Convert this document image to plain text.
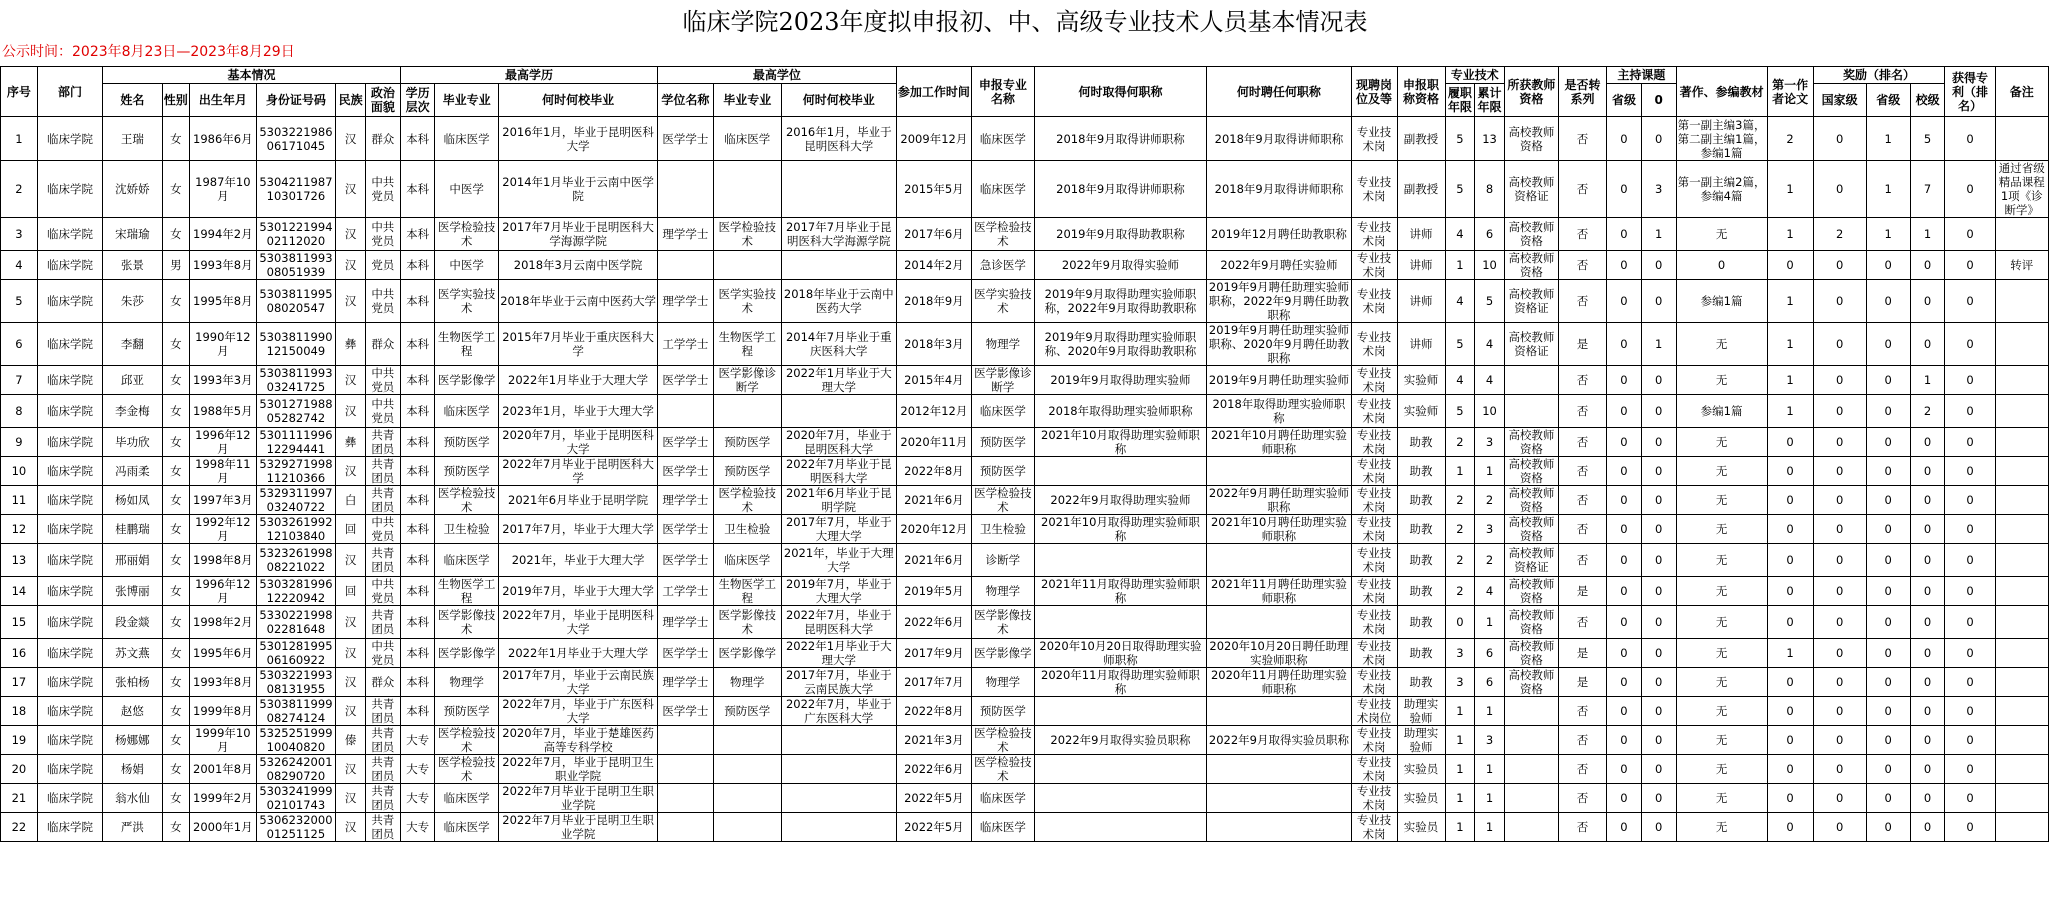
临床学院2023年度拟申报初、中、高级专业技术人员基本情况表
公示时间：2023年8月23日—2023年8月29日
序号	部门	基本情况						最高学历			最高学位			参加工作时间	申报专业名称	何时取得何职称	何时聘任何职称	现聘岗位及等	申报职称资格	专业技术		所获教师资格	是否转系列	主持课题		著作、参编教材	第一作者论文	奖励（排名）			获得专利（排名）	备注
		姓名	性别	出生年月	身份证号码	民族	政治面貌																									
								学历层次	毕业专业	何时何校毕业	学位名称	毕业专业	何时何校毕业							履职年限	累计年限			省级	0			国家级	省级	校级		
1	临床学院	王瑞	女	1986年6月	530322198606171045	汉	群众	本科	临床医学	2016年1月，毕业于昆明医科大学	医学学士	临床医学	2016年1月，毕业于昆明医科大学	2009年12月	临床医学	2018年9月取得讲师职称	2018年9月取得讲师职称	专业技术岗	副教授	5	13	高校教师资格	否	0	0	第一副主编3篇，第二副主编1篇，参编1篇	2	0	1	5	0	
2	临床学院	沈娇娇	女	1987年10月	530421198710301726	汉	中共党员	本科	中医学	2014年1月毕业于云南中医学院				2015年5月	临床医学	2018年9月取得讲师职称	2018年9月取得讲师职称	专业技术岗	副教授	5	8	高校教师资格证	否	0	3	第一副主编2篇，参编4篇	1	0	1	7	0	通过省级精品课程1项《诊断学》
3	临床学院	宋瑞瑜	女	1994年2月	530122199402112020	汉	中共党员	本科	医学检验技术	2017年7月毕业于昆明医科大学海源学院	理学学士	医学检验技术	2017年7月毕业于昆明医科大学海源学院	2017年6月	医学检验技术	2019年9月取得助教职称	2019年12月聘任助教职称	专业技术岗	讲师	4	6	高校教师资格	否	0	1	无	1	2	1	1	0	
4	临床学院	张景	男	1993年8月	530381199308051939	汉	党员	本科	中医学	2018年3月云南中医学院				2014年2月	急诊医学	2022年9月取得实验师	2022年9月聘任实验师	专业技术岗	讲师	1	10	高校教师资格	否	0	0	0	0	0	0	0	0	转评
5	临床学院	朱莎	女	1995年8月	530381199508020547	汉	中共党员	本科	医学实验技术	2018年毕业于云南中医药大学	理学学士	医学实验技术	2018年毕业于云南中医药大学	2018年9月	医学实验技术	2019年9月取得助理实验师职称，2022年9月取得助教职称	2019年9月聘任助理实验师职称，2022年9月聘任助教职称	专业技术岗	讲师	4	5	高校教师资格证	否	0	0	参编1篇	1	0	0	0	0	
6	临床学院	李翻	女	1990年12月	530381199012150049	彝	群众	本科	生物医学工程	2015年7月毕业于重庆医科大学	工学学士	生物医学工程	2014年7月毕业于重庆医科大学	2018年3月	物理学	2019年9月取得助理实验师职称、2020年9月取得助教职称	2019年9月聘任助理实验师职称、2020年9月聘任助教职称	专业技术岗	讲师	5	4	高校教师资格证	是	0	1	无	1	0	0	0	0	
7	临床学院	邱亚	女	1993年3月	530381199303241725	汉	中共党员	本科	医学影像学	2022年1月毕业于大理大学	医学学士	医学影像诊断学	2022年1月毕业于大理大学	2015年4月	医学影像诊断学	2019年9月取得助理实验师	2019年9月聘任助理实验师	专业技术岗	实验师	4	4		否	0	0	无	1	0	0	1	0	
8	临床学院	李金梅	女	1988年5月	530127198805282742	汉	中共党员	本科	临床医学	2023年1月，毕业于大理大学				2012年12月	临床医学	2018年取得助理实验师职称	2018年取得助理实验师职称	专业技术岗	实验师	5	10		否	0	0	参编1篇	1	0	0	2	0	
9	临床学院	毕功欣	女	1996年12月	530111199612294441	彝	共青团员	本科	预防医学	2020年7月，毕业于昆明医科大学	医学学士	预防医学	2020年7月，毕业于昆明医科大学	2020年11月	预防医学	2021年10月取得助理实验师职称	2021年10月聘任助理实验师职称	专业技术岗	助教	2	3	高校教师资格	否	0	0	无	0	0	0	0	0	
10	临床学院	冯雨柔	女	1998年11月	532927199811210366	汉	共青团员	本科	预防医学	2022年7月毕业于昆明医科大学	医学学士	预防医学	2022年7月毕业于昆明医科大学	2022年8月	预防医学			专业技术岗	助教	1	1	高校教师资格	否	0	0	无	0	0	0	0	0	
11	临床学院	杨如凤	女	1997年3月	532931199703240722	白	共青团员	本科	医学检验技术	2021年6月毕业于昆明学院	理学学士	医学检验技术	2021年6月毕业于昆明学院	2021年6月	医学检验技术	2022年9月取得助理实验师	2022年9月聘任助理实验师职称	专业技术岗	助教	2	2	高校教师资格	否	0	0	无	0	0	0	0	0	
12	临床学院	桂鹏瑞	女	1992年12月	530326199212103840	回	中共党员	本科	卫生检验	2017年7月，毕业于大理大学	医学学士	卫生检验	2017年7月，毕业于大理大学	2020年12月	卫生检验	2021年10月取得助理实验师职称	2021年10月聘任助理实验师职称	专业技术岗	助教	2	3	高校教师资格	否	0	0	无	0	0	0	0	0	
13	临床学院	邢丽娟	女	1998年8月	532326199808221022	汉	共青团员	本科	临床医学	2021年，毕业于大理大学	医学学士	临床医学	2021年，毕业于大理大学	2021年6月	诊断学			专业技术岗	助教	2	2	高校教师资格证	否	0	0	无	0	0	0	0	0	
14	临床学院	张博丽	女	1996年12月	530328199612220942	回	中共党员	本科	生物医学工程	2019年7月，毕业于大理大学	工学学士	生物医学工程	2019年7月，毕业于大理大学	2019年5月	物理学	2021年11月取得助理实验师职称	2021年11月聘任助理实验师职称	专业技术岗	助教	2	4	高校教师资格	是	0	0	无	0	0	0	0	0	
15	临床学院	段金燚	女	1998年2月	533022199802281648	汉	共青团员	本科	医学影像技术	2022年7月，毕业于昆明医科大学	理学学士	医学影像技术	2022年7月，毕业于昆明医科大学	2022年6月	医学影像技术			专业技术岗	助教	0	1	高校教师资格	否	0	0	无	0	0	0	0	0	
16	临床学院	苏文燕	女	1995年6月	530128199506160922	汉	中共党员	本科	医学影像学	2022年1月毕业于大理大学	医学学士	医学影像学	2022年1月毕业于大理大学	2017年9月	医学影像学	2020年10月20日取得助理实验师职称	2020年10月20日聘任助理实验师职称	专业技术岗	助教	3	6	高校教师资格	是	0	0	无	1	0	0	0	0	
17	临床学院	张柏杨	女	1993年8月	530322199308131955	汉	群众	本科	物理学	2017年7月，毕业于云南民族大学	理学学士	物理学	2017年7月，毕业于云南民族大学	2017年7月	物理学	2020年11月取得助理实验师职称	2020年11月聘任助理实验师职称	专业技术岗	助教	3	6	高校教师资格	是	0	0	无	0	0	0	0	0	
18	临床学院	赵悠	女	1999年8月	530381199908274124	汉	共青团员	本科	预防医学	2022年7月，毕业于广东医科大学	医学学士	预防医学	2022年7月，毕业于广东医科大学	2022年8月	预防医学			专业技术岗位	助理实验师	1	1		否	0	0	无	0	0	0	0	0	
19	临床学院	杨娜娜	女	1999年10月	532525199910040820	傣	共青团员	大专	医学检验技术	2020年7月，毕业于楚雄医药高等专科学校				2021年3月	医学检验技术	2022年9月取得实验员职称	2022年9月取得实验员职称	专业技术岗	助理实验师	1	3		否	0	0	无	0	0	0	0	0	
20	临床学院	杨娟	女	2001年8月	532624200108290720	汉	共青团员	大专	医学检验技术	2022年7月，毕业于昆明卫生职业学院				2022年6月	医学检验技术			专业技术岗	实验员	1	1		否	0	0	无	0	0	0	0	0	
21	临床学院	翁水仙	女	1999年2月	530324199902101743	汉	共青团员	大专	临床医学	2022年7月毕业于昆明卫生职业学院				2022年5月	临床医学			专业技术岗	实验员	1	1		否	0	0	无	0	0	0	0	0	
22	临床学院	严洪	女	2000年1月	530623200001251125	汉	共青团员	大专	临床医学	2022年7月毕业于昆明卫生职业学院				2022年5月	临床医学			专业技术岗	实验员	1	1		否	0	0	无	0	0	0	0	0	
